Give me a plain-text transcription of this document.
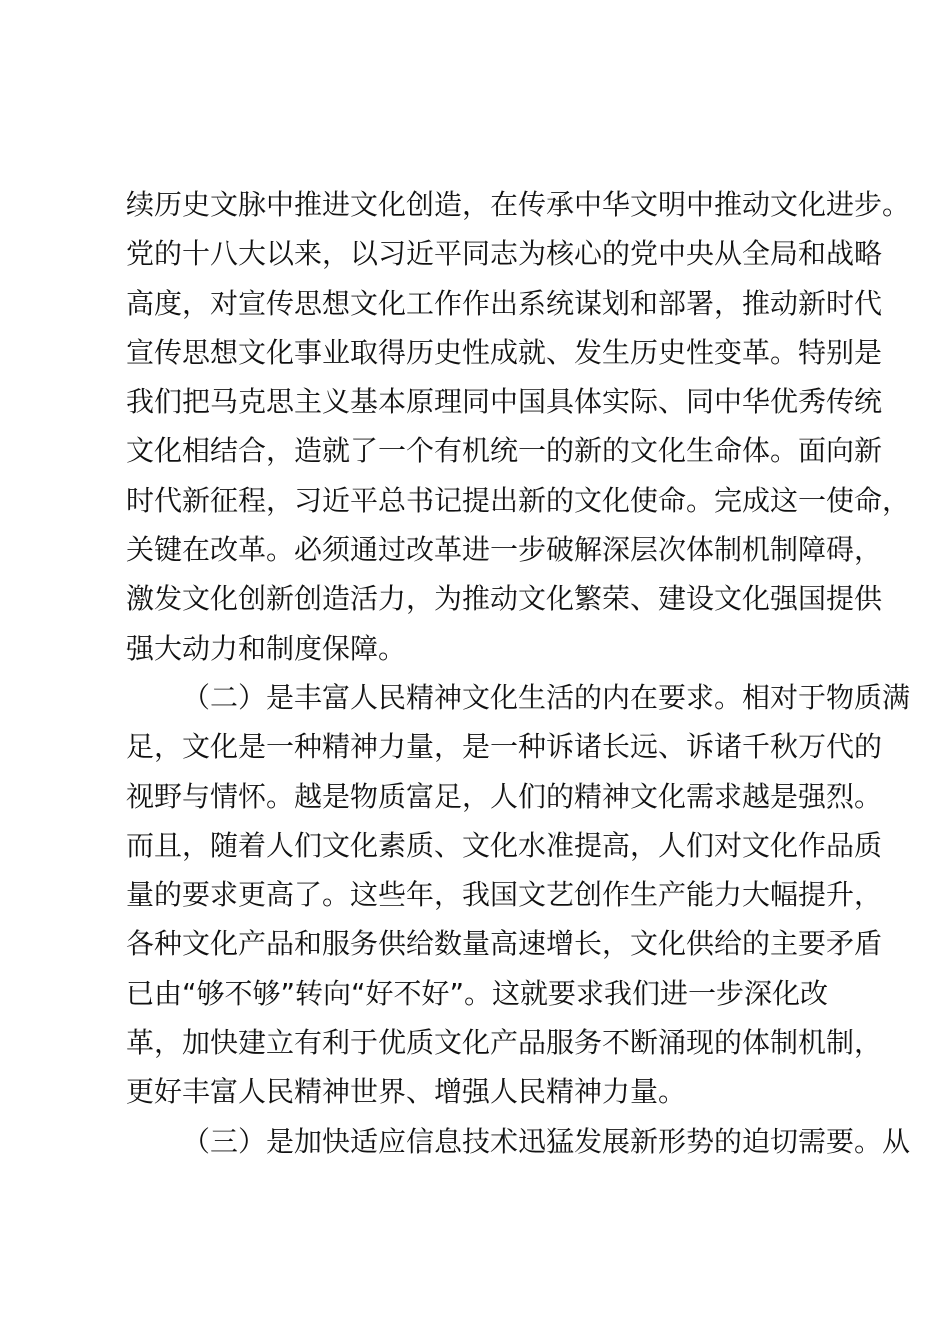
续历史文脉中推进文化创造，在传承中华文明中推动文化进步。
党的十八大以来，以习近平同志为核心的党中央从全局和战略
高度，对宣传思想文化工作作出系统谋划和部署，推动新时代
宣传思想文化事业取得历史性成就、发生历史性变革。特别是
我们把马克思主义基本原理同中国具体实际、同中华优秀传统
文化相结合，造就了一个有机统一的新的文化生命体。面向新
时代新征程，习近平总书记提出新的文化使命。完成这一使命，
关键在改革。必须通过改革进一步破解深层次体制机制障碍，
激发文化创新创造活力，为推动文化繁荣、建设文化强国提供
强大动力和制度保障。
（二）是丰富人民精神文化生活的内在要求。相对于物质满
足，文化是一种精神力量，是一种诉诸长远、诉诸千秋万代的
视野与情怀。越是物质富足，人们的精神文化需求越是强烈。
而且，随着人们文化素质、文化水准提高，人们对文化作品质
量的要求更高了。这些年，我国文艺创作生产能力大幅提升，
各种文化产品和服务供给数量高速增长，文化供给的主要矛盾
已由“够不够”转向“好不好”。这就要求我们进一步深化改
革，加快建立有利于优质文化产品服务不断涌现的体制机制，
更好丰富人民精神世界、增强人民精神力量。
（三）是加快适应信息技术迅猛发展新形势的迫切需要。从
